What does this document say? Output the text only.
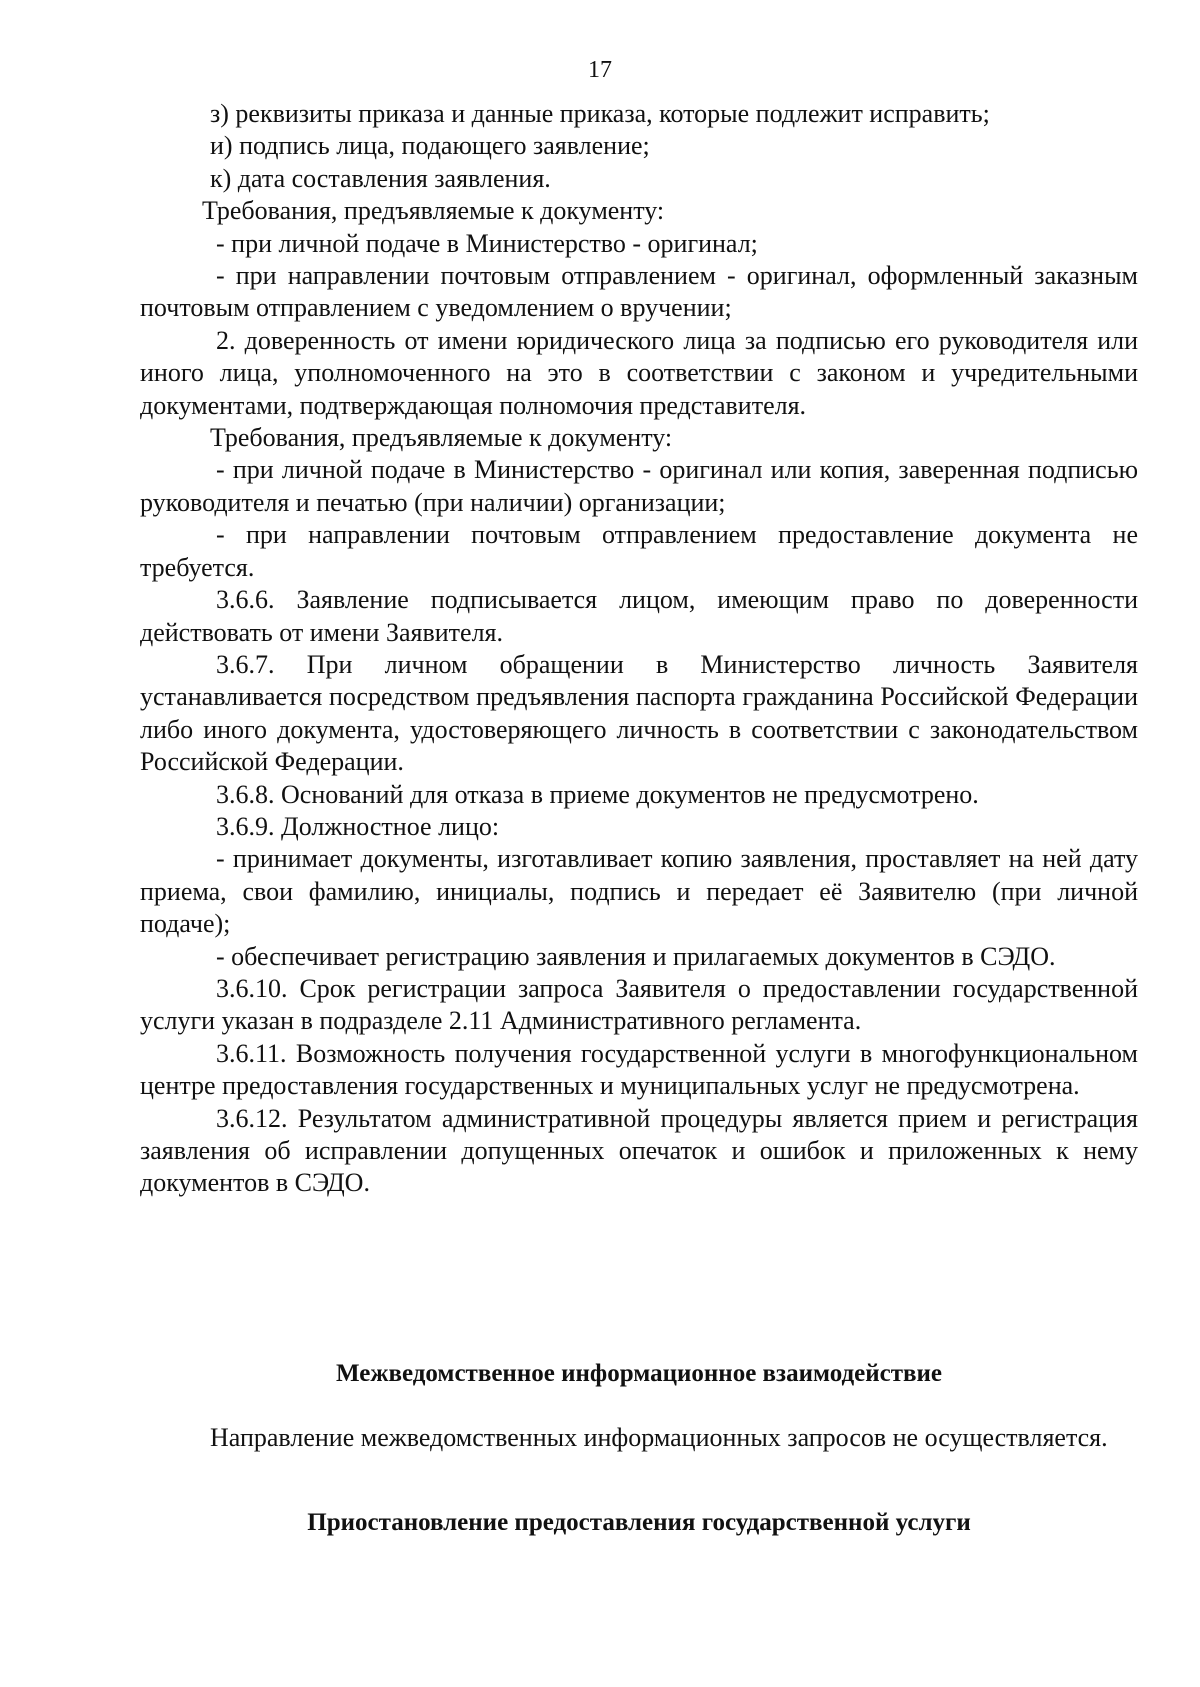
17

з) реквизиты приказа и данные приказа, которые подлежит исправить;

и) подпись лица, подающего заявление;

к) дата составления заявления.

Требования, предъявляемые к документу:

- при личной подаче в Министерство - оригинал;

- при направлении почтовым отправлением - оригинал, оформленный заказным почтовым отправлением с уведомлением о вручении;

2. доверенность от имени юридического лица за подписью его руководителя или иного лица, уполномоченного на это в соответствии с законом и учредительными документами, подтверждающая полномочия представителя.

Требования, предъявляемые к документу:

- при личной подаче в Министерство - оригинал или копия, заверенная подписью руководителя и печатью (при наличии) организации;

- при направлении почтовым отправлением предоставление документа не требуется.

3.6.6. Заявление подписывается лицом, имеющим право по доверенности действовать от имени Заявителя.

3.6.7. При личном обращении в Министерство личность Заявителя устанавливается посредством предъявления паспорта гражданина Российской Федерации либо иного документа, удостоверяющего личность в соответствии с законодательством Российской Федерации.

3.6.8. Оснований для отказа в приеме документов не предусмотрено.

3.6.9. Должностное лицо:

- принимает документы, изготавливает копию заявления, проставляет на ней дату приема, свои фамилию, инициалы, подпись и передает её Заявителю (при личной подаче);

- обеспечивает регистрацию заявления и прилагаемых документов в СЭДО.

3.6.10. Срок регистрации запроса Заявителя о предоставлении государственной услуги указан в подразделе 2.11 Административного регламента.

3.6.11. Возможность получения государственной услуги в многофункциональном центре предоставления государственных и муниципальных услуг не предусмотрена.

3.6.12. Результатом административной процедуры является прием и регистрация заявления об исправлении допущенных опечаток и ошибок и приложенных к нему документов в СЭДО.

Межведомственное информационное взаимодействие

Направление межведомственных информационных запросов не осуществляется.

Приостановление предоставления государственной услуги
